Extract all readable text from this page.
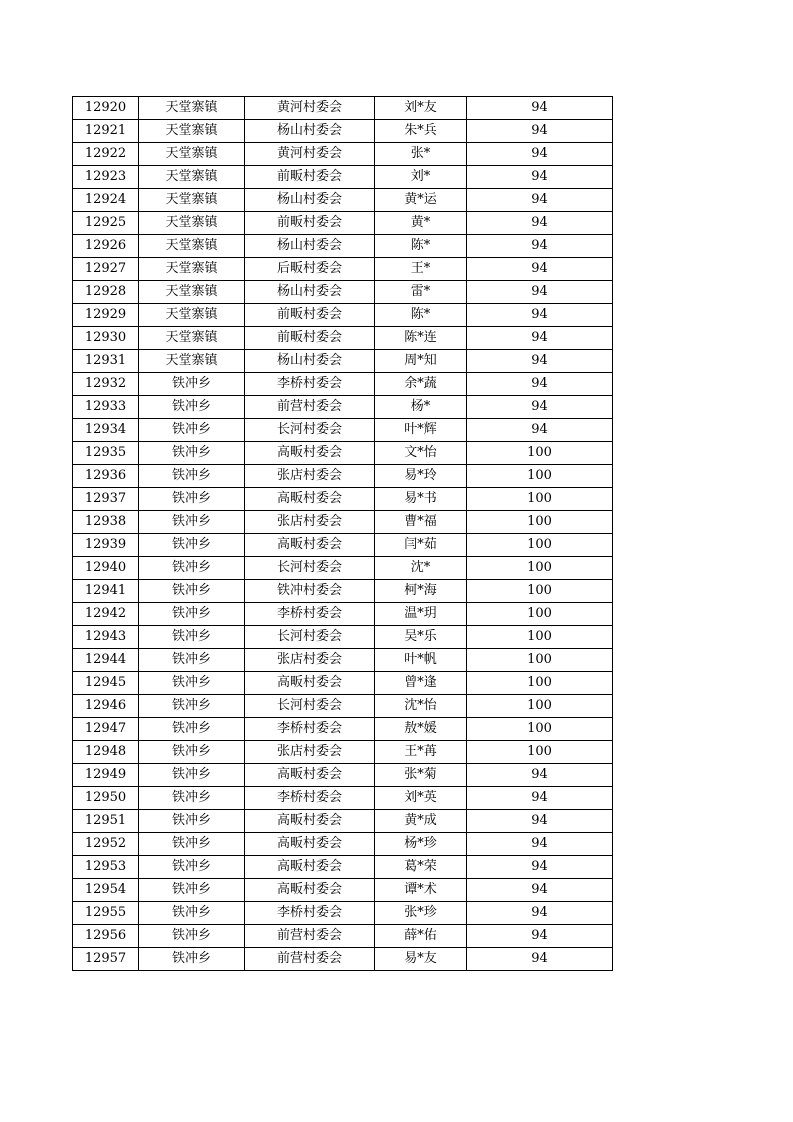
12920	天堂寨镇	黄河村委会	刘*友	94
12921	天堂寨镇	杨山村委会	朱*兵	94
12922	天堂寨镇	黄河村委会	张*	94
12923	天堂寨镇	前畈村委会	刘*	94
12924	天堂寨镇	杨山村委会	黄*运	94
12925	天堂寨镇	前畈村委会	黄*	94
12926	天堂寨镇	杨山村委会	陈*	94
12927	天堂寨镇	后畈村委会	王*	94
12928	天堂寨镇	杨山村委会	雷*	94
12929	天堂寨镇	前畈村委会	陈*	94
12930	天堂寨镇	前畈村委会	陈*连	94
12931	天堂寨镇	杨山村委会	周*知	94
12932	铁冲乡	李桥村委会	余*蔬	94
12933	铁冲乡	前营村委会	杨*	94
12934	铁冲乡	长河村委会	叶*辉	94
12935	铁冲乡	高畈村委会	文*怡	100
12936	铁冲乡	张店村委会	易*玲	100
12937	铁冲乡	高畈村委会	易*书	100
12938	铁冲乡	张店村委会	曹*福	100
12939	铁冲乡	高畈村委会	闫*茹	100
12940	铁冲乡	长河村委会	沈*	100
12941	铁冲乡	铁冲村委会	柯*海	100
12942	铁冲乡	李桥村委会	温*玥	100
12943	铁冲乡	长河村委会	吴*乐	100
12944	铁冲乡	张店村委会	叶*帆	100
12945	铁冲乡	高畈村委会	曾*逢	100
12946	铁冲乡	长河村委会	沈*怡	100
12947	铁冲乡	李桥村委会	敖*媛	100
12948	铁冲乡	张店村委会	王*苒	100
12949	铁冲乡	高畈村委会	张*菊	94
12950	铁冲乡	李桥村委会	刘*英	94
12951	铁冲乡	高畈村委会	黄*成	94
12952	铁冲乡	高畈村委会	杨*珍	94
12953	铁冲乡	高畈村委会	葛*荣	94
12954	铁冲乡	高畈村委会	谭*术	94
12955	铁冲乡	李桥村委会	张*珍	94
12956	铁冲乡	前营村委会	薛*佑	94
12957	铁冲乡	前营村委会	易*友	94
